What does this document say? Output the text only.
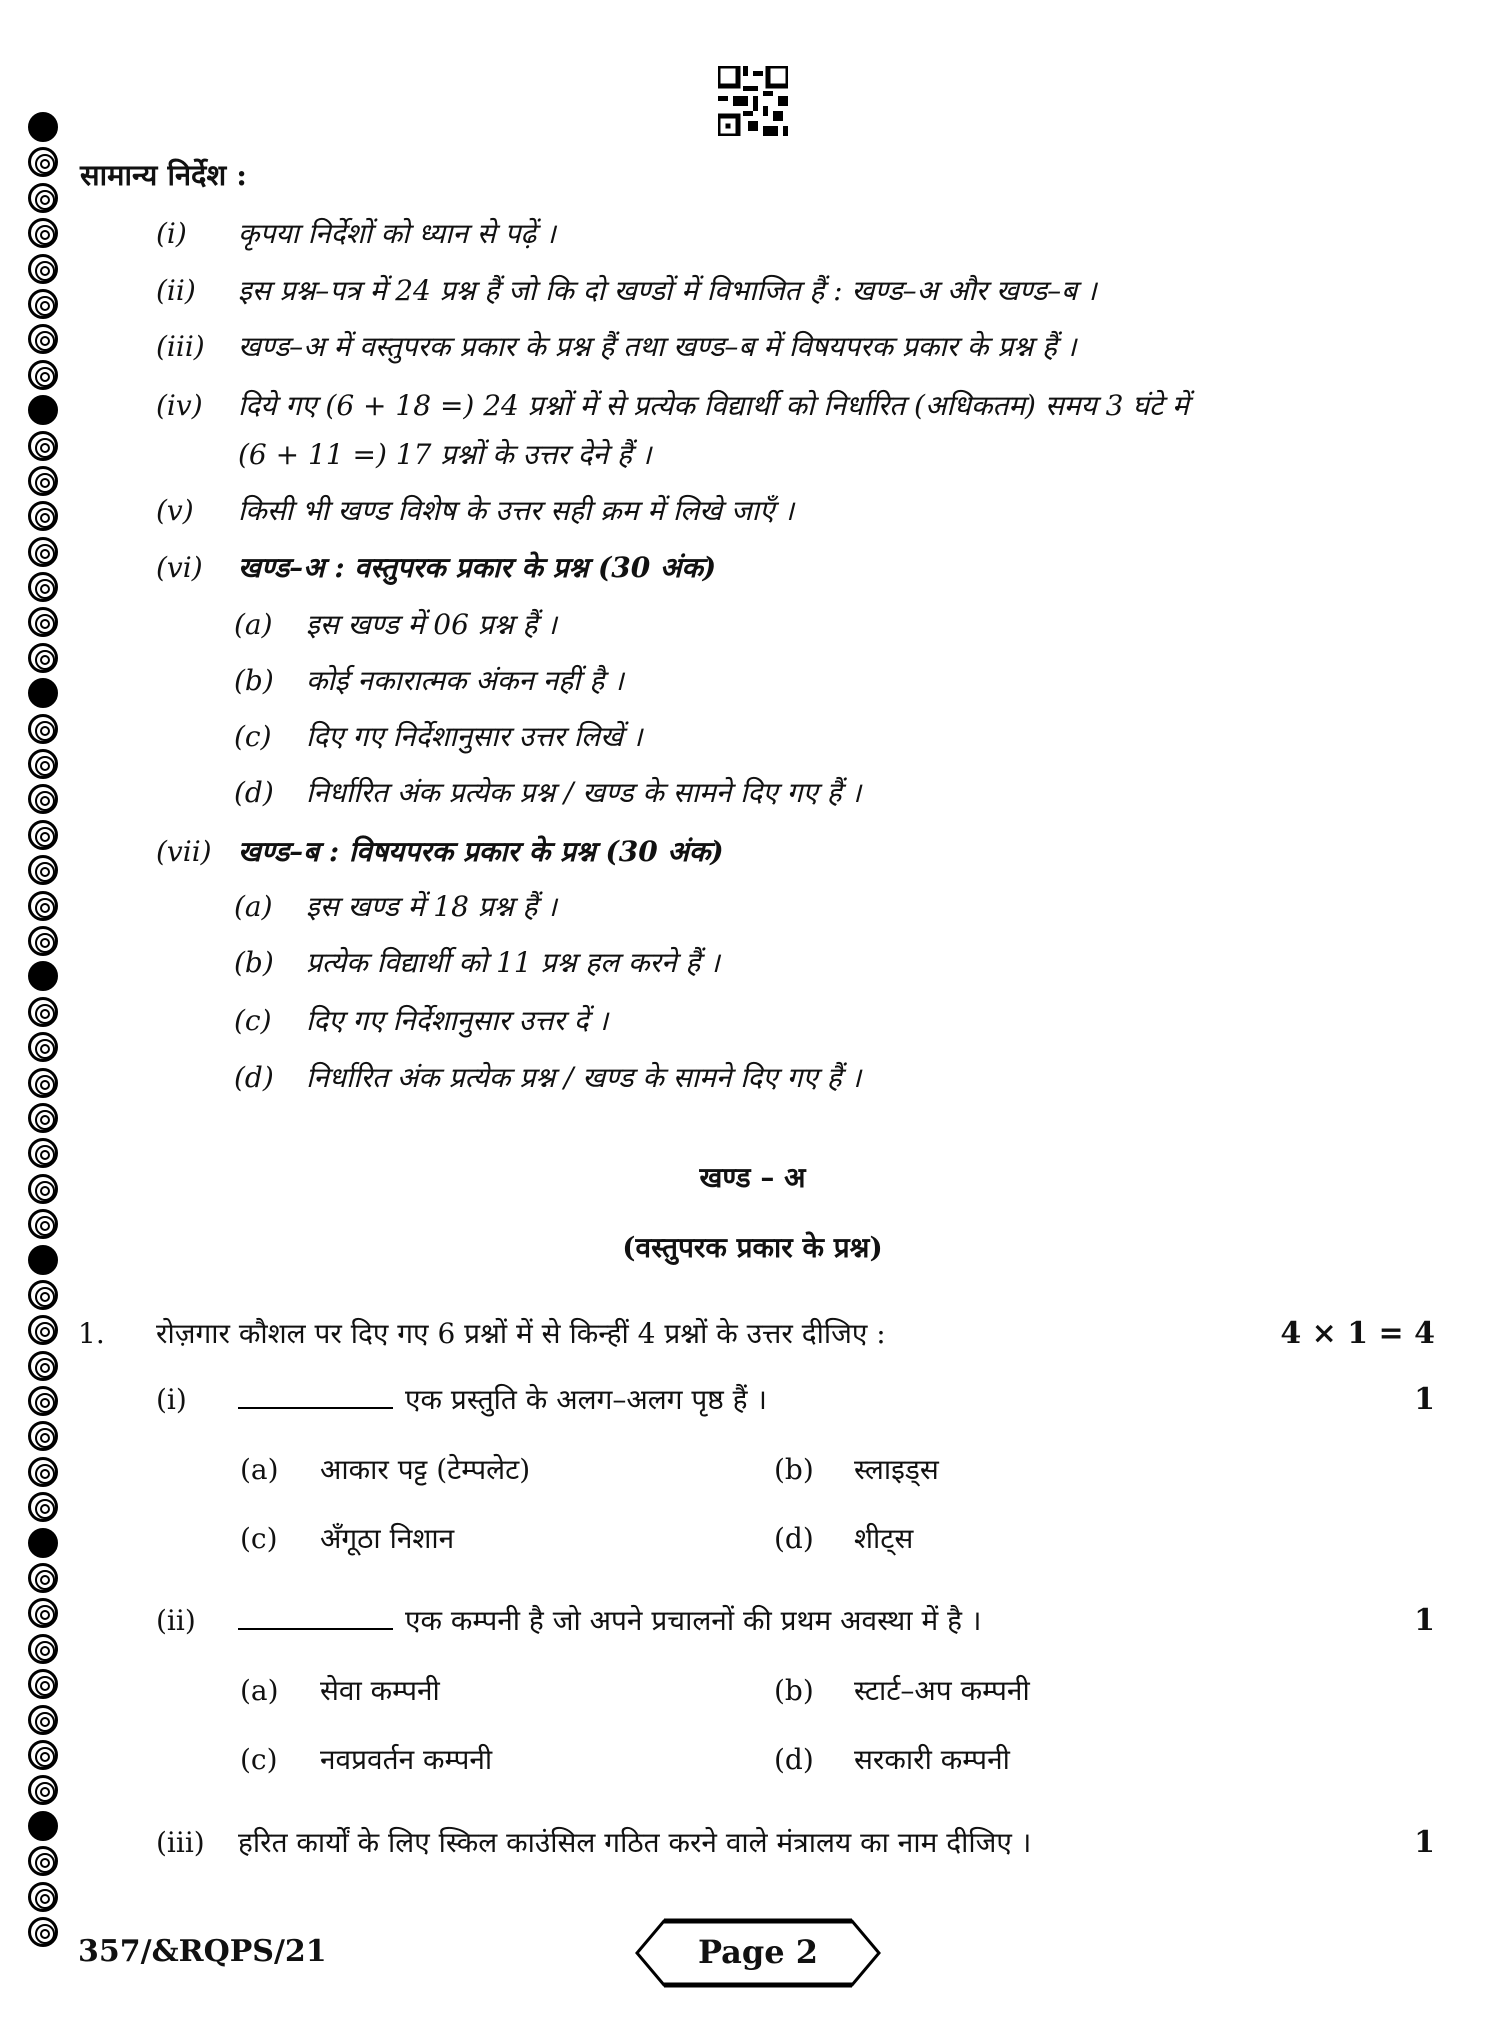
सामान्य निर्देश :
(i) कृपया निर्देशों को ध्यान से पढ़ें ।
(ii) इस प्रश्न–पत्र में 24 प्रश्न हैं जो कि दो खण्डों में विभाजित हैं : खण्ड–अ और खण्ड–ब ।
(iii) खण्ड–अ में वस्तुपरक प्रकार के प्रश्न हैं तथा खण्ड–ब में विषयपरक प्रकार के प्रश्न हैं ।
(iv) दिये गए (6 + 18 =) 24 प्रश्नों में से प्रत्येक विद्यार्थी को निर्धारित (अधिकतम) समय 3 घंटे में
(6 + 11 =) 17 प्रश्नों के उत्तर देने हैं ।
(v) किसी भी खण्ड विशेष के उत्तर सही क्रम में लिखे जाएँ ।
(vi) खण्ड–अ : वस्तुपरक प्रकार के प्रश्न (30 अंक)
(a) इस खण्ड में 06 प्रश्न हैं ।
(b) कोई नकारात्मक अंकन नहीं है ।
(c) दिए गए निर्देशानुसार उत्तर लिखें ।
(d) निर्धारित अंक प्रत्येक प्रश्न / खण्ड के सामने दिए गए हैं ।
(vii) खण्ड–ब : विषयपरक प्रकार के प्रश्न (30 अंक)
(a) इस खण्ड में 18 प्रश्न हैं ।
(b) प्रत्येक विद्यार्थी को 11 प्रश्न हल करने हैं ।
(c) दिए गए निर्देशानुसार उत्तर दें ।
(d) निर्धारित अंक प्रत्येक प्रश्न / खण्ड के सामने दिए गए हैं ।
खण्ड – अ
(वस्तुपरक प्रकार के प्रश्न)
1. रोज़गार कौशल पर दिए गए 6 प्रश्नों में से किन्हीं 4 प्रश्नों के उत्तर दीजिए :	4 × 1 = 4
(i)	एक प्रस्तुति के अलग–अलग पृष्ठ हैं ।	1
(a) आकार पट्ट (टेम्पलेट)	(b) स्लाइड्स
(c) अँगूठा निशान	(d) शीट्स
(ii)	एक कम्पनी है जो अपने प्रचालनों की प्रथम अवस्था में है ।	1
(a) सेवा कम्पनी	(b) स्टार्ट–अप कम्पनी
(c) नवप्रवर्तन कम्पनी	(d) सरकारी कम्पनी
(iii) हरित कार्यों के लिए स्किल काउंसिल गठित करने वाले मंत्रालय का नाम दीजिए ।	1
357/&RQPS/21	Page 2
